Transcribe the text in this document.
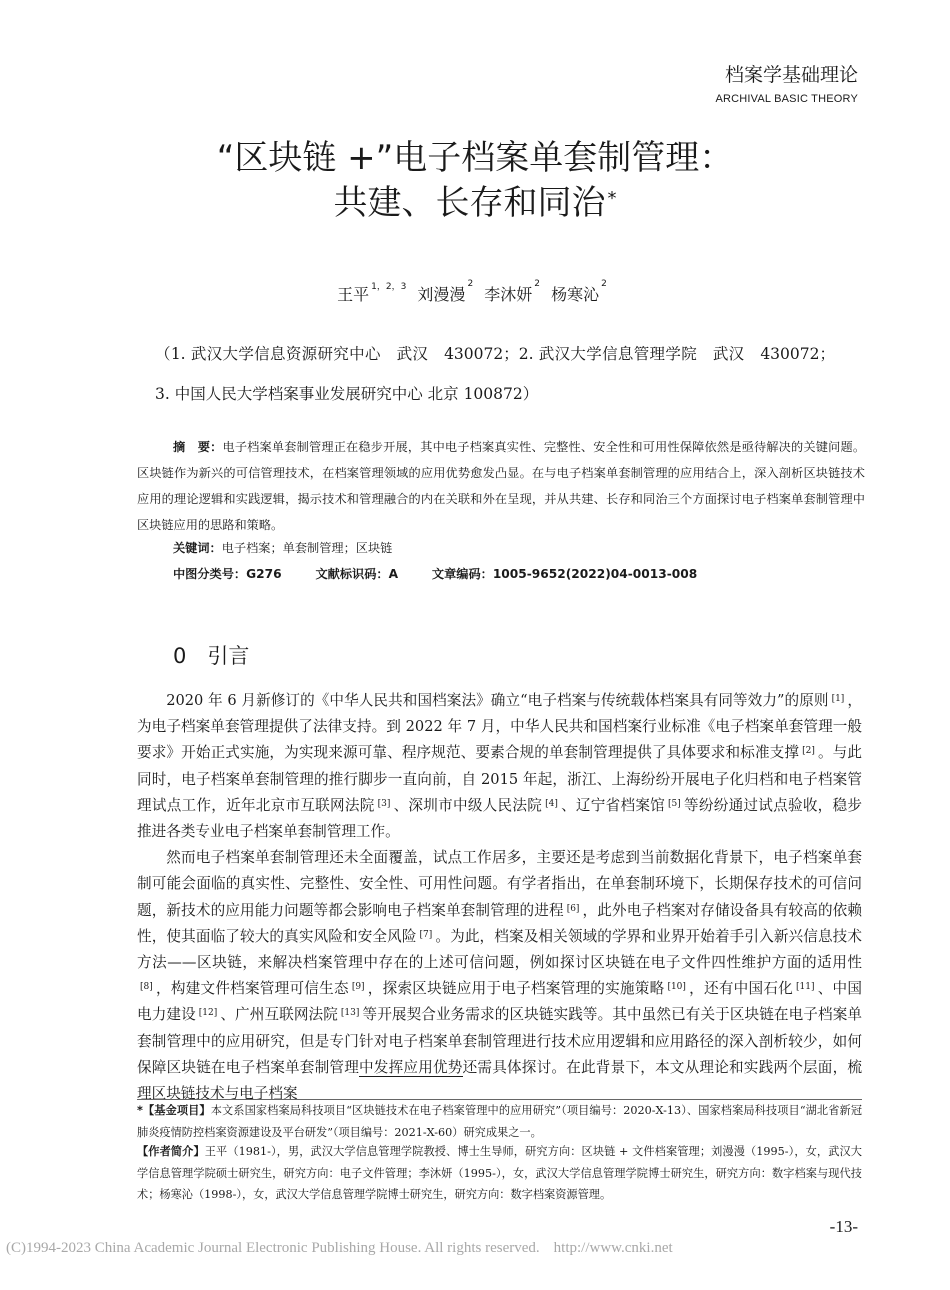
档案学基础理论
ARCHIVAL BASIC THEORY
“区块链 +”电子档案单套制管理：
共建、长存和同治 *
王平 $^{1,2,3}$ 刘漫漫$^2$ 李沐妍$^2$ 杨寒沁$^2$
（1. 武汉大学信息资源研究中心　武汉　430072；2. 武汉大学信息管理学院　武汉　430072；3. 中国人民大学档案事业发展研究中心 北京 100872）
摘　要：电子档案单套制管理正在稳步开展，其中电子档案真实性、完整性、安全性和可用性保障依然是亟待解决的关键问题。区块链作为新兴的可信管理技术，在档案管理领域的应用优势愈发凸显。在与电子档案单套制管理的应用结合上，深入剖析区块链技术应用的理论逻辑和实践逻辑，揭示技术和管理融合的内在关联和外在呈现，并从共建、长存和同治三个方面探讨电子档案单套制管理中区块链应用的思路和策略。
关键词：电子档案；单套制管理；区块链
中图分类号：G276	文献标识码：A	文章编码：1005-9652(2022)04-0013-008
0　引言

2020 年 6 月新修订的《中华人民共和国档案法》确立“电子档案与传统载体档案具有同等效力”的原则 [1] ，为电子档案单套管理提供了法律支持。到 2022 年 7 月，中华人民共和国档案行业标准《电子档案单套管理一般要求》开始正式实施，为实现来源可靠、程序规范、要素合规的单套制管理提供了具体要求和标准支撑 [2] 。与此同时，电子档案单套制管理的推行脚步一直向前，自 2015 年起，浙江、上海纷纷开展电子化归档和电子档案管理试点工作，近年北京市互联网法院 [3] 、深圳市中级人民法院 [4] 、辽宁省档案馆 [5] 等纷纷通过试点验收，稳步推进各类专业电子档案单套制管理工作。

然而电子档案单套制管理还未全面覆盖，试点工作居多，主要还是考虑到当前数据化背景下，电子档案单套制可能会面临的真实性、完整性、安全性、可用性问题。有学者指出，在单套制环境下，长期保存技术的可信问题，新技术的应用能力问题等都会影响电子档案单套制管理的进程 [6] ，此外电子档案对存储设备具有较高的依赖性，使其面临了较大的真实风险和安全风险 [7] 。为此，档案及相关领域的学界和业界开始着手引入新兴信息技术方法——区块链，来解决档案管理中存在的上述可信问题，例如探讨区块链在电子文件四性维护方面的适用性[8] ，构建文件档案管理可信生态 [9] ，探索区块链应用于电子档案管理的实施策略 [10] ，还有中国石化 [11] 、中国电力建设 [12] 、广州互联网法院 [13] 等开展契合业务需求的区块链实践等。其中虽然已有关于区块链在电子档案单套制管理中的应用研究，但是专门针对电子档案单套制管理进行技术应用逻辑和应用路径的深入剖析较少，如何保障区块链在电子档案单套制管理中发挥应用优势还需具体探讨。在此背景下，本文从理论和实践两个层面，梳理区块链技术与电子档案

*【基金项目】本文系国家档案局科技项目“区块链技术在电子档案管理中的应用研究”（项目编号：2020-X-13）、国家档案局科技项目“湖北省新冠肺炎疫情防控档案资源建设及平台研发”（项目编号：2021-X-60）研究成果之一。
【作者简介】王平（1981-），男，武汉大学信息管理学院教授、博士生导师，研究方向：区块链 + 文件档案管理；刘漫漫（1995-），女，武汉大学信息管理学院硕士研究生，研究方向：电子文件管理；李沐妍（1995-），女，武汉大学信息管理学院博士研究生，研究方向：数字档案与现代技术；杨寒沁（1998-），女，武汉大学信息管理学院博士研究生，研究方向：数字档案资源管理。
-13-
(C)1994-2023 China Academic Journal Electronic Publishing House. All rights reserved. http://www.cnki.net
